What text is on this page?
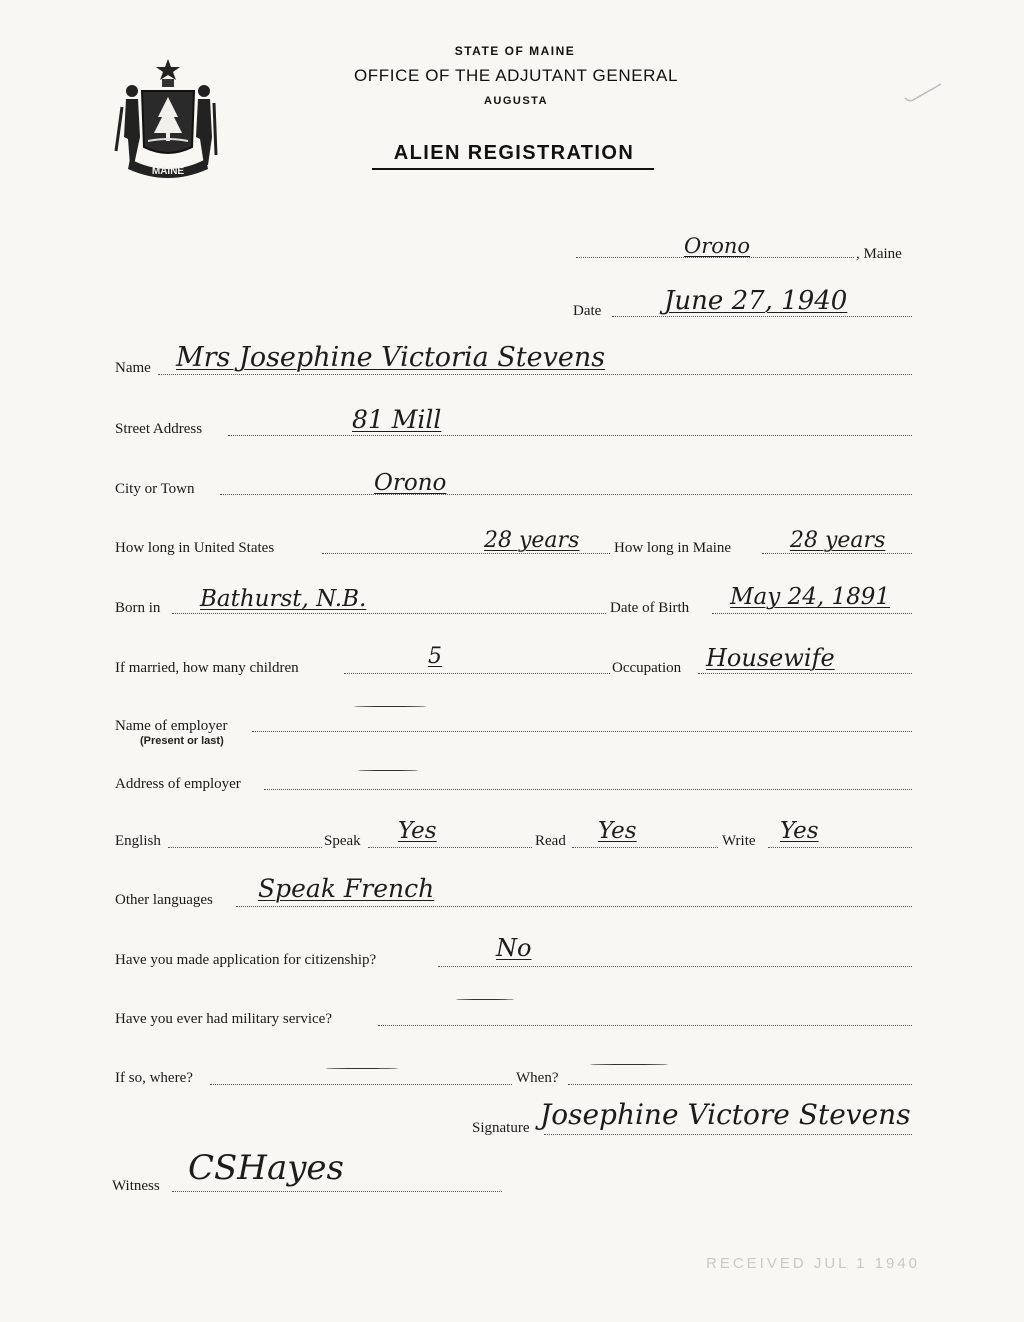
MAINE
STATE OF MAINE
OFFICE OF THE ADJUTANT GENERAL
AUGUSTA
ALIEN REGISTRATION
Orono	, Maine
Date June 27, 1940
Name Mrs Josephine Victoria Stevens
Street Address	81 Mill
City or Town	Orono
How long in United States	28 years How long in Maine	28 years
Born in Bathurst, N.B.	Date of Birth May 24, 1891
If married, how many children	5	Occupation Housewife
Name of employer
(Present or last)
Address of employer
English	Speak Yes	Read Yes	Write Yes
Other languages Speak French
Have you made application for citizenship?	No
Have you ever had military service?
If so, where?	When?
Signature Josephine Victore Stevens
Witness CSHayes
RECEIVED JUL 1 1940
